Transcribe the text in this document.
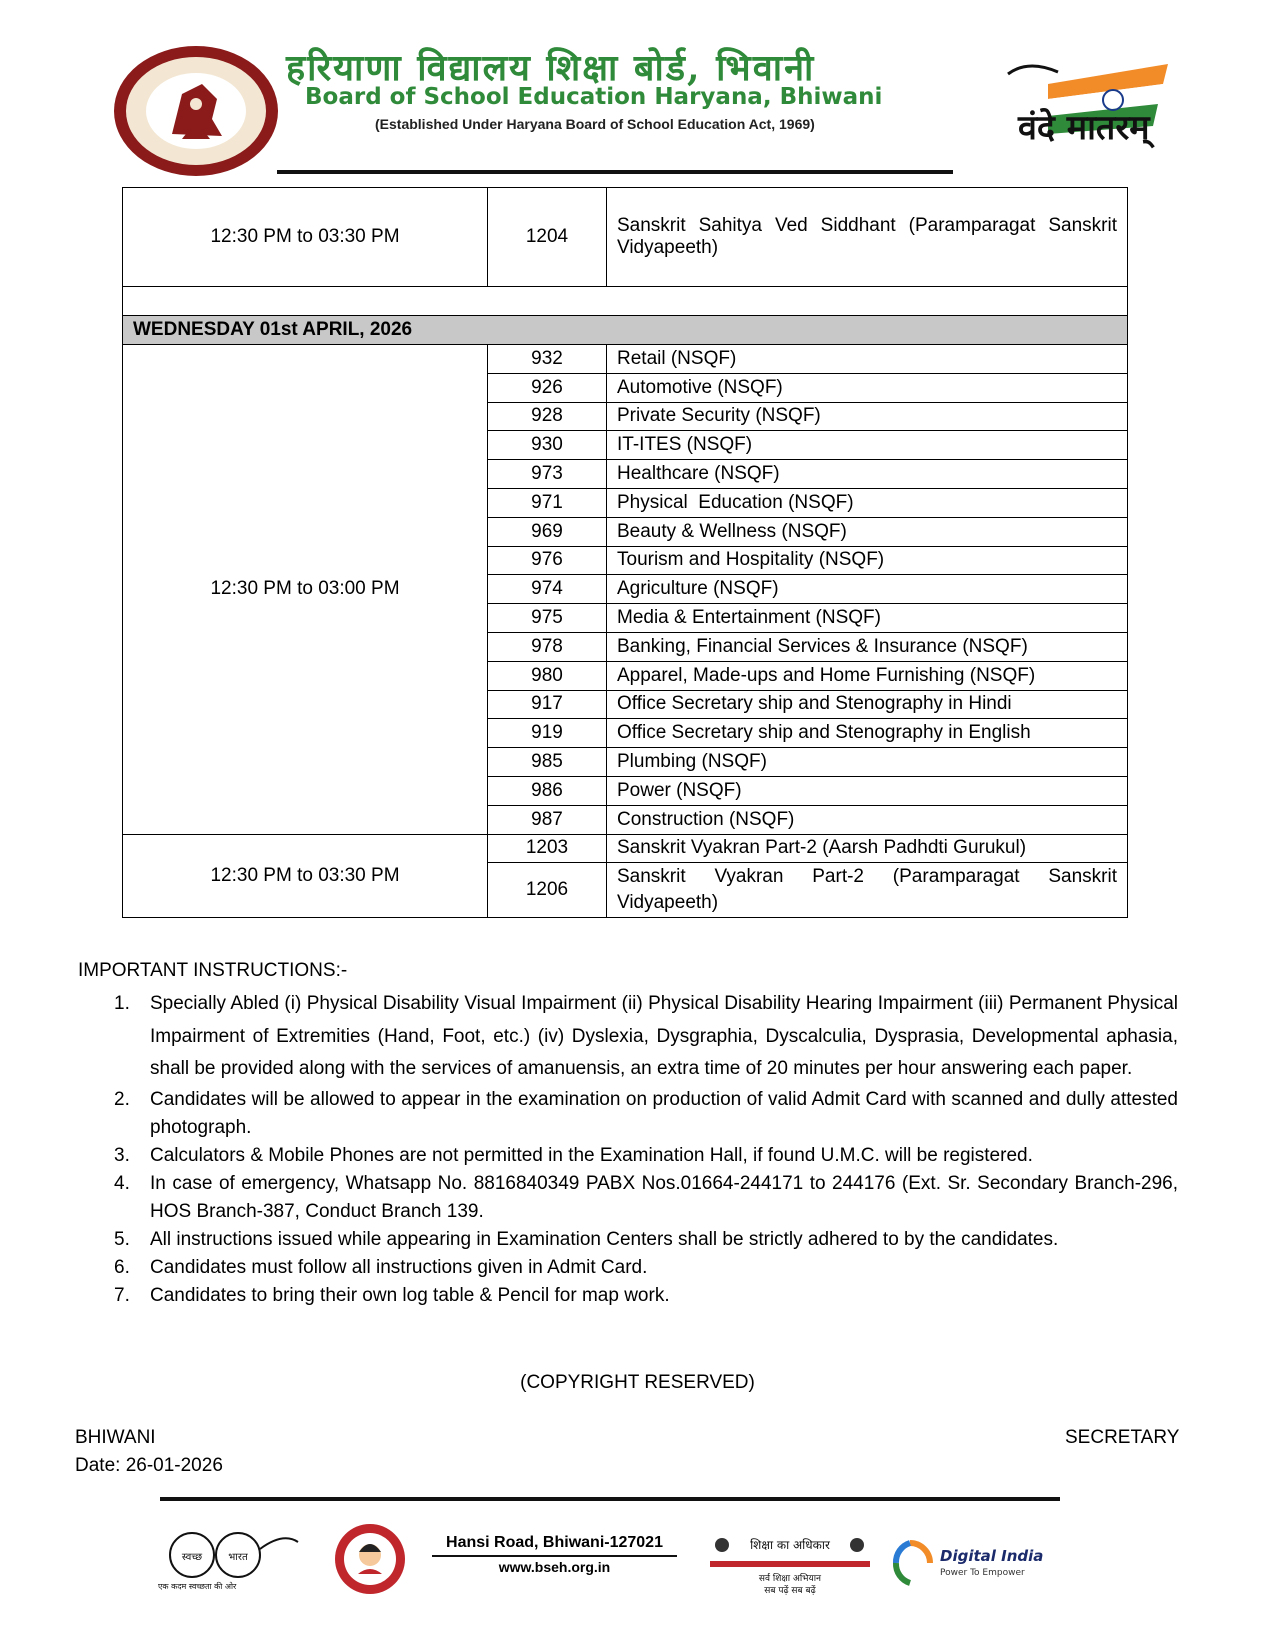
हरियाणा विद्यालय शिक्षा बोर्ड, भिवानी
Board of School Education Haryana, Bhiwani
(Established Under Haryana Board of School Education Act, 1969)	वंदे मातरम्
12:30 PM to 03:30 PM	1204	Sanskrit Sahitya Ved Siddhant (Paramparagat Sanskrit Vidyapeeth)

WEDNESDAY 01st APRIL, 2026		
12:30 PM to 03:00 PM	932	Retail (NSQF)
	926	Automotive (NSQF)
	928	Private Security (NSQF)
	930	IT-ITES (NSQF)
	973	Healthcare (NSQF)
	971	Physical  Education (NSQF)
	969	Beauty & Wellness (NSQF)
	976	Tourism and Hospitality (NSQF)
	974	Agriculture (NSQF)
	975	Media & Entertainment (NSQF)
	978	Banking, Financial Services & Insurance (NSQF)
	980	Apparel, Made-ups and Home Furnishing (NSQF)
	917	Office Secretary ship and Stenography in Hindi
	919	Office Secretary ship and Stenography in English
	985	Plumbing (NSQF)
	986	Power (NSQF)
	987	Construction (NSQF)
12:30 PM to 03:30 PM	1203	Sanskrit Vyakran Part-2 (Aarsh Padhdti Gurukul)
	1206	Sanskrit Vyakran Part-2 (Paramparagat Sanskrit Vidyapeeth)
IMPORTANT INSTRUCTIONS:-
1. Specially Abled (i) Physical Disability Visual Impairment (ii) Physical Disability Hearing Impairment (iii) Permanent Physical Impairment of Extremities (Hand, Foot, etc.) (iv) Dyslexia, Dysgraphia, Dyscalculia, Dysprasia, Developmental aphasia, shall be provided along with the services of amanuensis, an extra time of 20 minutes per hour answering each paper.
2. Candidates will be allowed to appear in the examination on production of valid Admit Card with scanned and dully attested photograph.
3. Calculators & Mobile Phones are not permitted in the Examination Hall, if found U.M.C. will be registered.
4. In case of emergency, Whatsapp No. 8816840349 PABX Nos.01664-244171 to 244176 (Ext. Sr. Secondary Branch-296, HOS Branch-387, Conduct Branch 139.
5. All instructions issued while appearing in Examination Centers shall be strictly adhered to by the candidates.
6. Candidates must follow all instructions given in Admit Card.
7. Candidates to bring their own log table & Pencil for map work.
(COPYRIGHT RESERVED)
BHIWANI
Date: 26-01-2026
SECRETARY
स्वच्छ	भारत
एक कदम स्वच्छता की ओर
Hansi Road, Bhiwani-127021
www.bseh.org.in
शिक्षा का अधिकार
सर्व शिक्षा अभियान
सब पढ़ें सब बढ़ें
Digital India
Power To Empower
